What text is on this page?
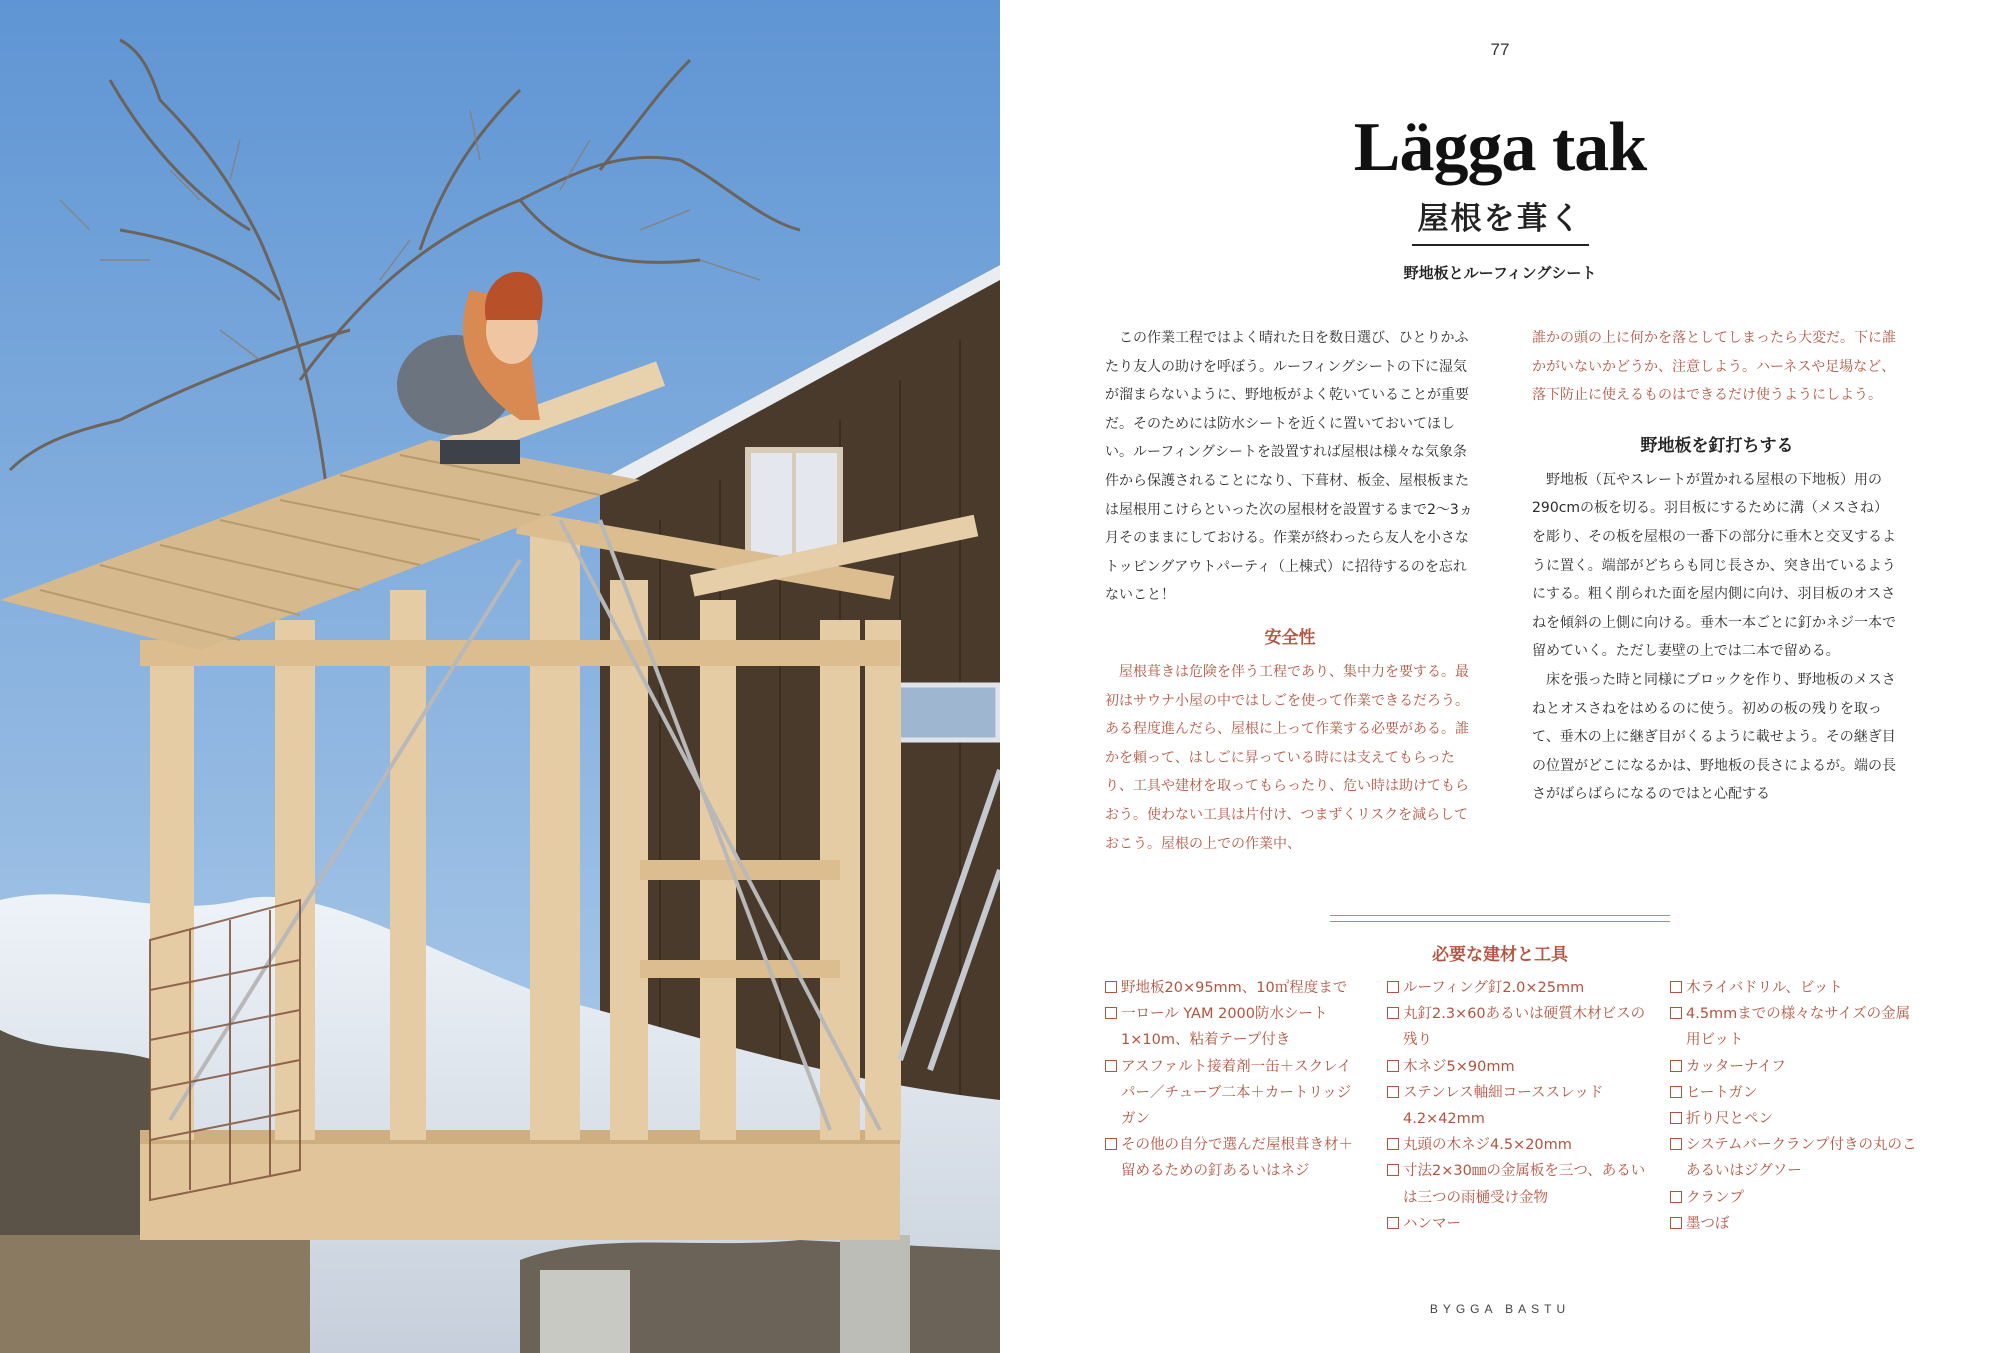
77
Lägga tak
屋根を葺く
野地板とルーフィングシート

この作業工程ではよく晴れた日を数日選び、ひとりかふたり友人の助けを呼ぼう。ルーフィングシートの下に湿気が溜まらないように、野地板がよく乾いていることが重要だ。そのためには防水シートを近くに置いておいてほしい。ルーフィングシートを設置すれば屋根は様々な気象条件から保護されることになり、下葺材、板金、屋根板または屋根用こけらといった次の屋根材を設置するまで2〜3ヵ月そのままにしておける。作業が終わったら友人を小さなトッピングアウトパーティ（上棟式）に招待するのを忘れないこと！

安全性

屋根葺きは危険を伴う工程であり、集中力を要する。最初はサウナ小屋の中ではしごを使って作業できるだろう。ある程度進んだら、屋根に上って作業する必要がある。誰かを頼って、はしごに昇っている時には支えてもらったり、工具や建材を取ってもらったり、危い時は助けてもらおう。使わない工具は片付け、つまずくリスクを減らしておこう。屋根の上での作業中、

誰かの頭の上に何かを落としてしまったら大変だ。下に誰かがいないかどうか、注意しよう。ハーネスや足場など、落下防止に使えるものはできるだけ使うようにしよう。

野地板を釘打ちする

野地板（瓦やスレートが置かれる屋根の下地板）用の290cmの板を切る。羽目板にするために溝（メスさね）を彫り、その板を屋根の一番下の部分に垂木と交叉するように置く。端部がどちらも同じ長さか、突き出ているようにする。粗く削られた面を屋内側に向け、羽目板のオスさねを傾斜の上側に向ける。垂木一本ごとに釘かネジ一本で留めていく。ただし妻壁の上では二本で留める。

床を張った時と同様にブロックを作り、野地板のメスさねとオスさねをはめるのに使う。初めの板の残りを取って、垂木の上に継ぎ目がくるように載せよう。その継ぎ目の位置がどこになるかは、野地板の長さによるが。端の長さがばらばらになるのではと心配する

必要な建材と工具
野地板20×95mm、10㎡程度まで
一ロール YAM 2000防水シート1×10m、粘着テープ付き
アスファルト接着剤一缶＋スクレイパー／チューブ二本＋カートリッジガン
その他の自分で選んだ屋根葺き材＋留めるための釘あるいはネジ
ルーフィング釘2.0×25mm
丸釘2.3×60あるいは硬質木材ビスの残り
木ネジ5×90mm
ステンレス軸細コーススレッド4.2×42mm
丸頭の木ネジ4.5×20mm
寸法2×30㎜の金属板を三つ、あるいは三つの雨樋受け金物
ハンマー
木ライバドリル、ビット
4.5mmまでの様々なサイズの金属用ビット
カッターナイフ
ヒートガン
折り尺とペン
システムバークランプ付きの丸のこあるいはジグソー
クランプ
墨つぼ
BYGGA BASTU
